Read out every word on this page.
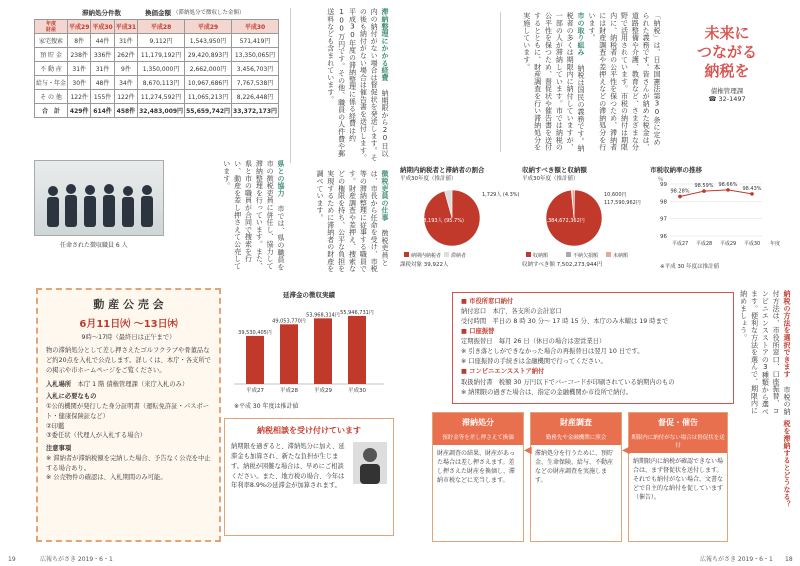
滞納処分件数	換価金額 （滞納処分で徴収した金額）
年度
財産	平成29	平成30	平成31	平成28	平成29	平成30
家宅捜索	8件	44件	31件	9,112円	1,543,950円	571,419円
預 貯 金	238件	336件	262件	11,179,192円	29,420,893円	13,350,065円
不 動 産	31件	31件	9件	1,350,000円	2,662,000円	3,456,703円
給与・年金	30件	48件	34件	8,670,113円	10,967,686円	7,767,538円
そ の 他	122件	155件	122件	11,274,592円	11,065,213円	8,226,448円
合　計	429件	614件	458件	32,483,009円	55,659,742円	33,372,173円
任命された徴収職員 6 人
滞納整理にかかる経費 納期限から20日以内の納付がない場合は督促状を発送します。その後も納付がない場合は催告書を送付します。平成30年度の滞納整理に係る経費は約100万円です。その他、職員の人件費や郵送料なども含まれています。
徴税吏員の仕事 徴税吏員とは、市長から任命を受け、市税等の滞納整理に従事する職員です。財産調査や差押え、捜索などの権限を持ち、公平な負担を実現するために滞納者の財産を調べています。
県との協力 市では、県の職員を市の徴税吏員に併任し、協力して滞納整理を行っています。また、県と市の職員が合同で捜索を行い、動産を差し押さえて公売しています。
動 産 公 売 会
6月11日㈫ ～13日㈭
9時～17時（最終日は正午まで）
物の滞納処分として差し押さえたゴルフクラブや骨董品など約20点を入札で公売します。詳しくは、本庁・各支所での掲示や市ホームページをご覧ください。
入札場所　 本庁 1 階 債権管理課（来庁入札のみ）
入札に必要なもの
①公的機関が発行した身分証明書（運転免許証・パスポート・健康保険証など）
②印鑑
③委任状（代理人が入札する場合）
注意事項
※ 滞納者が滞納税額を完納した場合、予告なく公売を中止する場合あり。
※ 公売物件の確認は、入札期間のみ可能。
延滞金の徴収実績
39,530,405円
平成27
49,053,770円
平成28
53,968,314円
平成29
55,946,731円
平成30
※平成 30 年度は推計値
納税相談を受け付けています
納期限を過ぎると、滞納処分に加え、延滞金も加算され、新たな負担が生じます。納税が困難な場合は、早めにご相談ください。また、地方税の場合、今年は年利率8.9%の延滞金が加算されます。
19	広報ちがさき 2019・6・1
未来に
つながる
納税を
債権管理課
☎ 32-1497
「納税」は、日本国憲法第30条に定められた義務です。皆さんが納めた税金は、道路整備や介護、教育など、さまざまな分野で活用されています。市税の納付は期限内に、納税者の公平性を保つため、滞納者には財産調査や差押えなどの滞納処分を行います。
市の取り組み 納税は国民の義務です。納税者の多くは期限内に納付していますが、一部の人が滞納しています。市では納税の公平性を保つため、督促状や催告書を送付するとともに、財産調査を行い滞納処分を実施しています。
納期内納税者と滞納者の割合
平成30年度（推計値）
38,193人 (95.7%)
1,729人 (4.3%)
納期内納税者 滞納者
課税対象 39,922人
収納すべき額と収納額
平成30年度（推計値）
7,384,672,362円
10,600円
117,590,962円
収納額	不納欠損額	未納額
収納すべき額 7,502,273,944円
市税収納率の推移
96
97
98
99
％
98.28%
平成27
98.59%
平成28
98.66%
平成29
98.43%
平成30 年度
※平成 30 年度は推計値
■ 市役所窓口納付
納付窓口　本庁、各支所の会計窓口
受付時間　平日の 8 時 30 分～ 17 時 15 分、本庁のみ木曜は 19 時まで
■ 口座振替
定期振替日　毎月 26 日（休日の場合は翌営業日）
※ 引き落としができなかった場合の再振替日は翌月 10 日です。
※ 口座振替の手続きは金融機関で行ってください。
■ コンビニエンスストア納付
取扱納付書　税額 30 万円以下でバーコードが印刷されている納期内のもの
※ 納期限の過ぎた場合は、指定の金融機関か市役所で納付。
納税の方法を選択できます 市税の納付方法は、市役所窓口、口座振替、コンビニエンスストアの3種類から選べます。便利な方法を選んで、期限内に納めましょう。
税を滞納するとどうなる？
滞納処分
預貯金等を差し押さえて換価
財産調査の結果、財産があった場合は差し押さえます。差し押さえた財産を換価し、滞納市税などに充当します。
財産調査
勤務先や金融機関に照会
滞納処分を行うために、預貯金、生命保険、給与、不動産などの財産調査を実施します。
督促・催告
期限内に納付がない場合は督促状を送付
納期限内に納税が確認できない場合は、まず督促状を送付します。それでも納付がない場合、文書などで自主的な納付を促しています（催告）。
◀	◀
広報ちがさき 2019・6・1 18
